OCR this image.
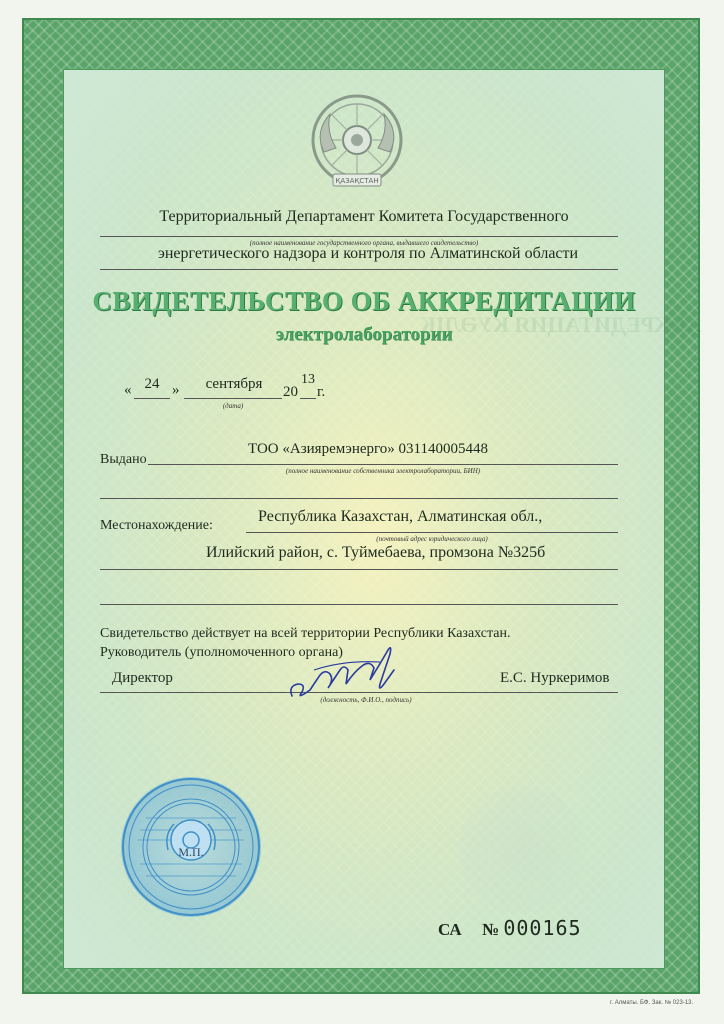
ҚАЗАҚСТАН
Территориальный Департамент Комитета Государственного
(полное наименование государственного органа, выдавшего свидетельство)
энергетического надзора и контроля по Алматинской области
АККРЕДИТАЦИЯ КУӘЛІК
СВИДЕТЕЛЬСТВО ОБ АККРЕДИТАЦИИ
электролаборатории
« 24 »	сентября
(дата)
20
13
г.
Выдано
ТОО «Азияремэнерго» 031140005448
(полное наименование собственника электролаборатории, БИН)
Местонахождение:
Республика Казахстан, Алматинская обл.,
(почтовый адрес юридического лица)
Илийский район, с. Туймебаева, промзона №325б
Свидетельство действует на всей территории Республики Казахстан.
Руководитель (уполномоченного органа)
Директор	Е.С. Нуркеримов
(должность, Ф.И.О., подпись)
М.П.
СА № 000165
г. Алматы. БФ. Зак. № 023-13.
